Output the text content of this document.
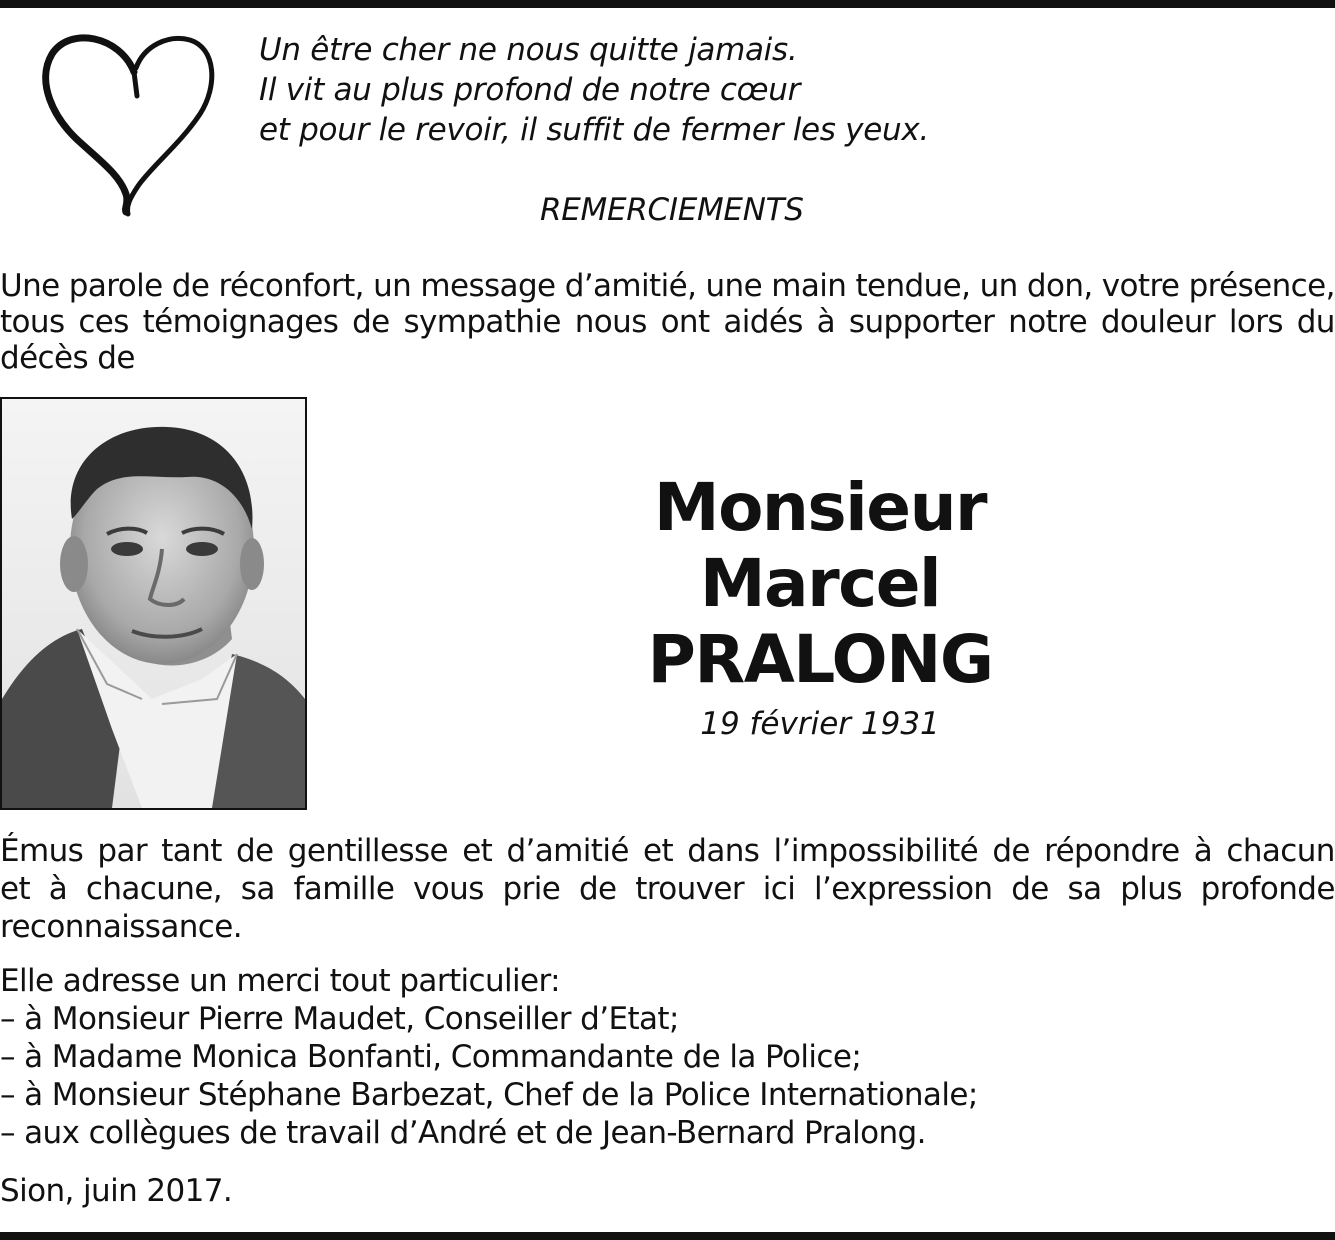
Un être cher ne nous quitte jamais.
Il vit au plus profond de notre cœur
et pour le revoir, il suffit de fermer les yeux.
REMERCIEMENTS
Une parole de réconfort, un message d’amitié, une main tendue, un don, votre présence,
tous ces témoignages de sympathie nous ont aidés à supporter notre douleur lors du
décès de
Monsieur
Marcel
PRALONG
19 février 1931
Émus par tant de gentillesse et d’amitié et dans l’impossibilité de répondre à chacun
et à chacune, sa famille vous prie de trouver ici l’expression de sa plus profonde
reconnaissance.
Elle adresse un merci tout particulier:
– à Monsieur Pierre Maudet, Conseiller d’Etat;
– à Madame Monica Bonfanti, Commandante de la Police;
– à Monsieur Stéphane Barbezat, Chef de la Police Internationale;
– aux collègues de travail d’André et de Jean-Bernard Pralong.
Sion, juin 2017.
